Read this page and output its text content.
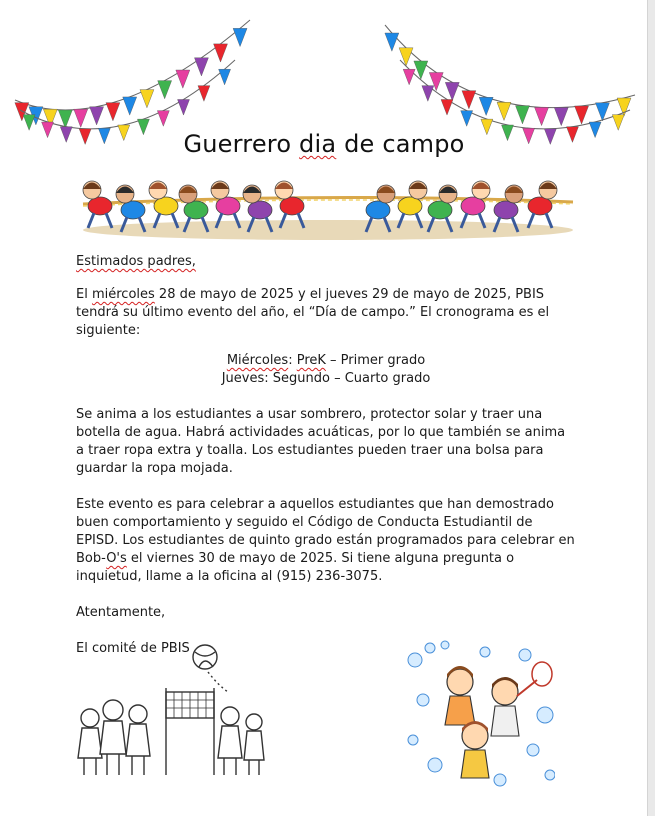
Guerrero dia de campo

Estimados padres,

El miércoles 28 de mayo de 2025 y el jueves 29 de mayo de 2025, PBIS tendrá su último evento del año, el “Día de campo.” El cronograma es el siguiente:

Miércoles: PreK – Primer grado

Jueves: Segundo – Cuarto grado

Se anima a los estudiantes a usar sombrero, protector solar y traer una botella de agua. Habrá actividades acuáticas, por lo que también se anima a traer ropa extra y toalla. Los estudiantes pueden traer una bolsa para guardar la ropa mojada.

Este evento es para celebrar a aquellos estudiantes que han demostrado buen comportamiento y seguido el Código de Conducta Estudiantil de EPISD. Los estudiantes de quinto grado están programados para celebrar en Bob-O's el viernes 30 de mayo de 2025. Si tiene alguna pregunta o inquietud, llame a la oficina al (915) 236-3075.

Atentamente,

El comité de PBIS
